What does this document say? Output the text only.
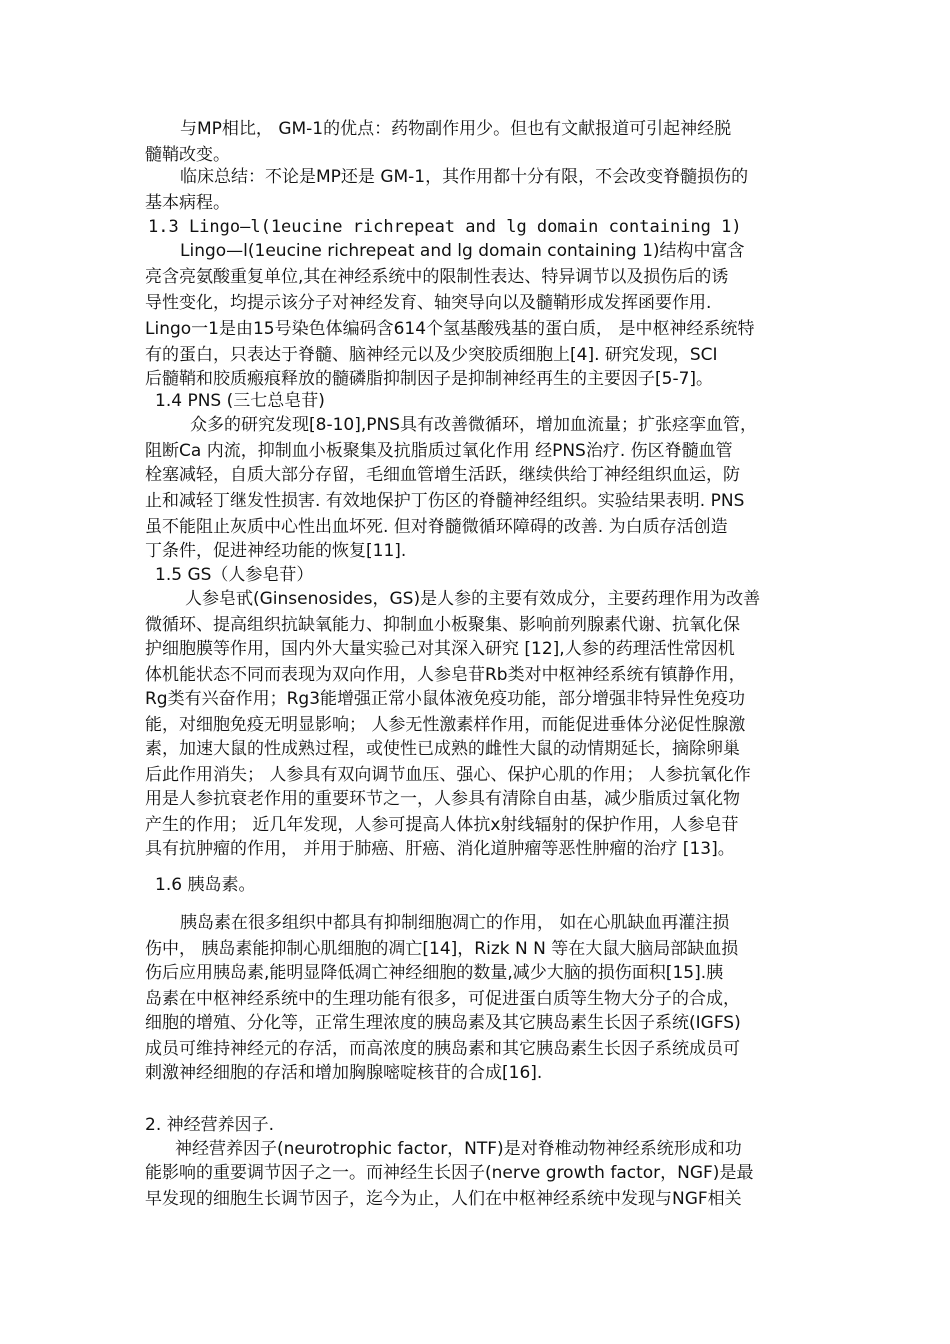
与MP相比， GM-1的优点：药物副作用少。但也有文献报道可引起神经脱
髓鞘改变。
临床总结：不论是MP还是 GM-1，其作用都十分有限，不会改变脊髓损伤的
基本病程。
1.3 Lingo—l(1eucine richrepeat and lg domain containing 1)
Lingo—l(1eucine richrepeat and lg domain containing 1)结构中富含
亮含亮氨酸重复单位,其在神经系统中的限制性表达、特异调节以及损伤后的诱
导性变化，均提示该分子对神经发育、轴突导向以及髓鞘形成发挥函要作用.
Lingo一1是由15号染色体编码含614个氢基酸残基的蛋白质， 是中枢神经系统特
有的蛋白，只表达于脊髓、脑神经元以及少突胶质细胞上[4]. 研究发现，SCI
后髓鞘和胶质瘢痕释放的髓磷脂抑制因子是抑制神经再生的主要因子[5-7]。
1.4 PNS (三七总皂苷)
众多的研究发现[8-10],PNS具有改善微循环，增加血流量；扩张痉挛血管，
阻断Ca 内流，抑制血小板聚集及抗脂质过氧化作用 经PNS治疗. 伤区脊髓血管
栓塞减轻，自质大部分存留，毛细血管增生活跃，继续供给丁神经组织血运，防
止和减轻丁继发性损害. 有效地保护丁伤区的脊髓神经组织。实验结果表明. PNS
虽不能阻止灰质中心性出血坏死. 但对脊髓微循环障碍的改善. 为白质存活创造
丁条件，促进神经功能的恢复[11].
1.5 GS（人参皂苷）
人参皂甙(Ginsenosides，GS)是人参的主要有效成分，主要药理作用为改善
微循环、提高组织抗缺氧能力、抑制血小板聚集、影响前列腺素代谢、抗氧化保
护细胞膜等作用，国内外大量实验己对其深入研究 [12],人参的药理活性常因机
体机能状态不同而表现为双向作用，人参皂苷Rb类对中枢神经系统有镇静作用，
Rg类有兴奋作用；Rg3能增强正常小鼠体液免疫功能，部分增强非特异性免疫功
能，对细胞免疫无明显影响； 人参无性激素样作用，而能促进垂体分泌促性腺激
素，加速大鼠的性成熟过程，或使性已成熟的雌性大鼠的动情期延长，摘除卵巢
后此作用消失； 人参具有双向调节血压、强心、保护心肌的作用； 人参抗氧化作
用是人参抗衰老作用的重要环节之一，人参具有清除自由基，减少脂质过氧化物
产生的作用； 近几年发现，人参可提高人体抗x射线辐射的保护作用，人参皂苷
具有抗肿瘤的作用， 并用于肺癌、肝癌、消化道肿瘤等恶性肿瘤的治疗 [13]。
1.6 胰岛素。
胰岛素在很多组织中都具有抑制细胞凋亡的作用， 如在心肌缺血再灌注损
伤中， 胰岛素能抑制心肌细胞的凋亡[14]，Rizk N N 等在大鼠大脑局部缺血损
伤后应用胰岛素,能明显降低凋亡神经细胞的数量,减少大脑的损伤面积[15].胰
岛素在中枢神经系统中的生理功能有很多，可促进蛋白质等生物大分子的合成，
细胞的增殖、分化等，正常生理浓度的胰岛素及其它胰岛素生长因子系统(IGFS)
成员可维持神经元的存活，而高浓度的胰岛素和其它胰岛素生长因子系统成员可
刺激神经细胞的存活和增加胸腺嘧啶核苷的合成[16].
2. 神经营养因子.
神经营养因子(neurotrophic factor，NTF)是对脊椎动物神经系统形成和功
能影响的重要调节因子之一。而神经生长因子(nerve growth factor，NGF)是最
早发现的细胞生长调节因子，迄今为止，人们在中枢神经系统中发现与NGF相关
